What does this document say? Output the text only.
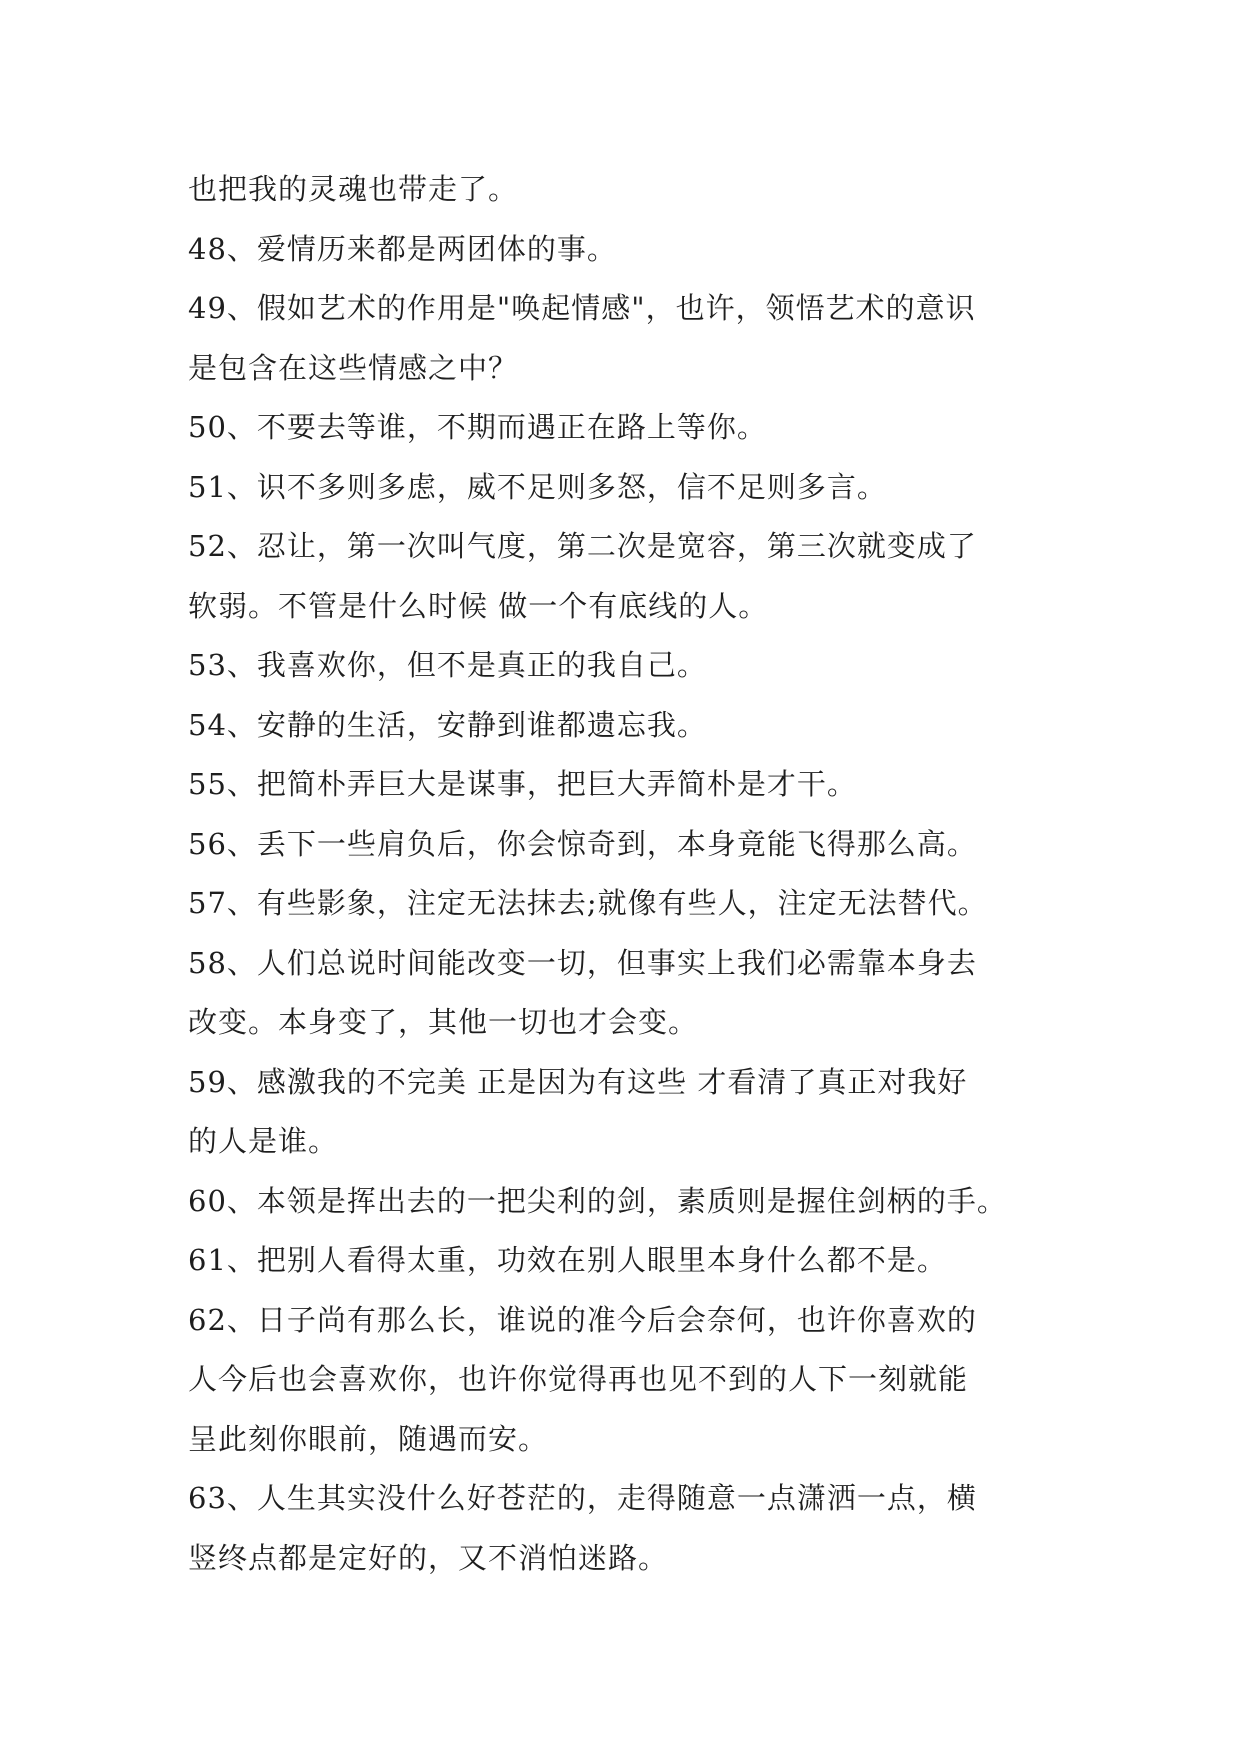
也把我的灵魂也带走了。
48、爱情历来都是两团体的事。
49、假如艺术的作用是"唤起情感"，也许，领悟艺术的意识
是包含在这些情感之中？
50、不要去等谁，不期而遇正在路上等你。
51、识不多则多虑，威不足则多怒，信不足则多言。
52、忍让，第一次叫气度，第二次是宽容，第三次就变成了
软弱。不管是什么时候 做一个有底线的人。
53、我喜欢你，但不是真正的我自己。
54、安静的生活，安静到谁都遗忘我。
55、把简朴弄巨大是谋事，把巨大弄简朴是才干。
56、丢下一些肩负后，你会惊奇到，本身竟能飞得那么高。
57、有些影象，注定无法抹去;就像有些人，注定无法替代。
58、人们总说时间能改变一切，但事实上我们必需靠本身去
改变。本身变了，其他一切也才会变。
59、感激我的不完美 正是因为有这些 才看清了真正对我好
的人是谁。
60、本领是挥出去的一把尖利的剑，素质则是握住剑柄的手。
61、把别人看得太重，功效在别人眼里本身什么都不是。
62、日子尚有那么长，谁说的准今后会奈何，也许你喜欢的
人今后也会喜欢你，也许你觉得再也见不到的人下一刻就能
呈此刻你眼前，随遇而安。
63、人生其实没什么好苍茫的，走得随意一点潇洒一点，横
竖终点都是定好的，又不消怕迷路。
